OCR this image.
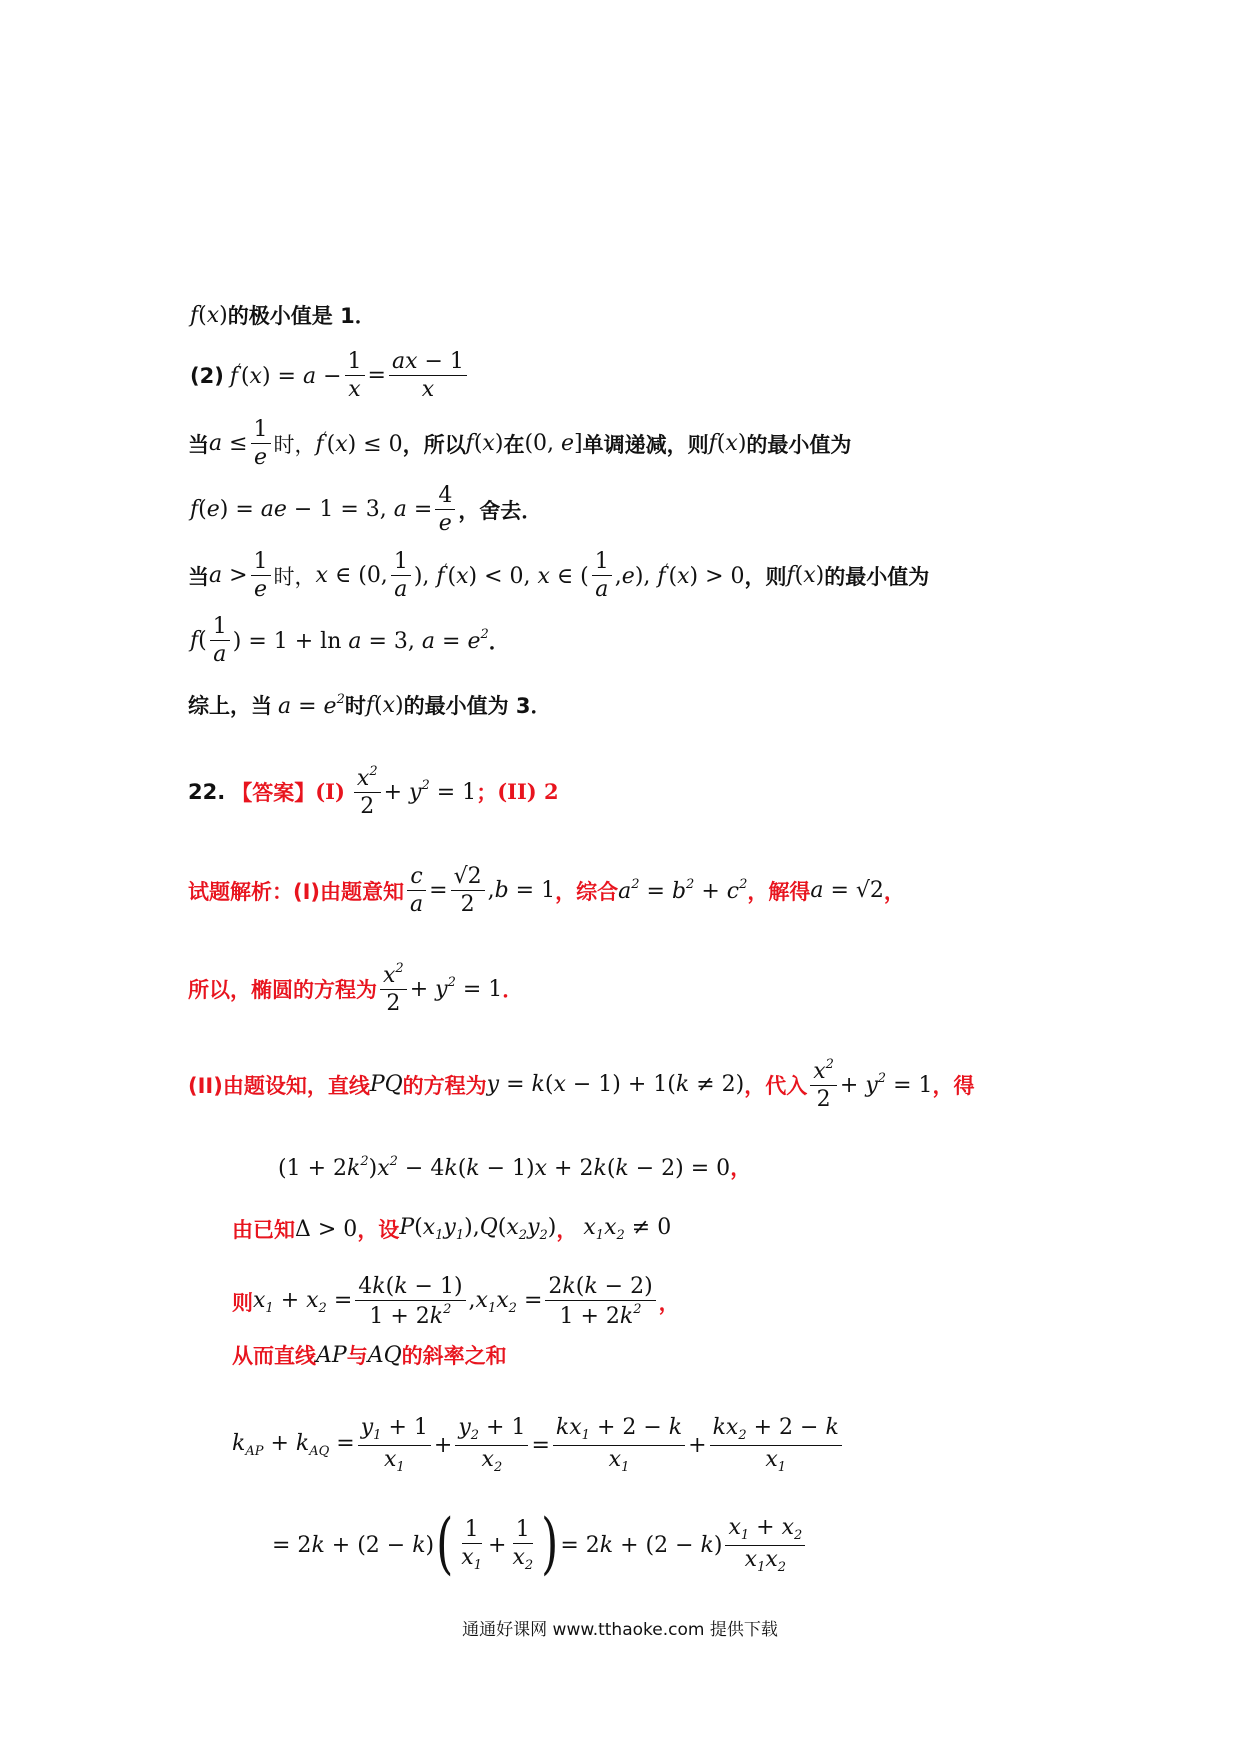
f(x) 的极小值是 1．
(2) $f'(x) = a - \frac{1}{x} = \frac{ax - 1}{x}$
当 $a \le \frac{1}{e}$ 时， f′(x) ≤ 0 ，所以 f(x) 在 (0, e] 单调递减，则 f(x) 的最小值为
f(e) = ae − 1 = 3, $a = \frac{4}{e}$ ，舍去．
当 $a > \frac{1}{e}$ 时， x ∈ (0, $\frac{1}{a}$ ), f′(x) < 0, x ∈ ( $\frac{1}{a} ,e$), f′(x) > 0 ，则 f(x) 的最小值为
$f( \frac{1}{a}$ ) = 1 + ln a = 3, $a = e^2$ ．
综上，当 $a = e^2$ 时 f(x) 的最小值为 3．
22. 【答案】 $(I) \frac{x^2}{2} + y^2 = 1$ ； (II) 2
试题解析：(I)由题意知 $\frac{c}{a} = \frac{√2}{2} ,b = 1$ ，综合 $a^2 = b^2 + c^2$ ，解得 a = √2 ，
所以，椭圆的方程为 $\frac{x^2}{2} + y^2 = 1$ ．
(II)由题设知，直线 PQ 的方程为 y = k(x − 1) + 1(k ≠ 2) ，代入 $\frac{x^2}{2} + y^2 = 1$ ，得
$(1 + 2k^2)x^2 - 4k(k - 1)x + 2k(k - 2) = 0$ ，
由已知 Δ > 0 ，设 $P(x_1y_1),Q(x_2y_2)$ ， $x_1x_2 \ne 0$
则 $x_1 + x_2 = \frac{4k(k - 1)}{1 + 2k^2} ,x_1x_2 = \frac{2k(k - 2)}{1 + 2k^2}$ ，
从而直线 AP 与 AQ 的斜率之和
$k_{AP} + k_{AQ} = \frac{y_1 + 1}{x_1} + \frac{y_2 + 1}{x_2} = \frac{kx_1 + 2 - k}{x_1} + \frac{kx_2 + 2 - k}{x_1}$
= 2k + (2 − k) ( $\frac{1}{x_1} + \frac{1}{x_2}$ ) = $2k + (2 - k) \frac{x_1 + x_2}{x_1x_2}$
通通好课网 www.tthaoke.com 提供下载
